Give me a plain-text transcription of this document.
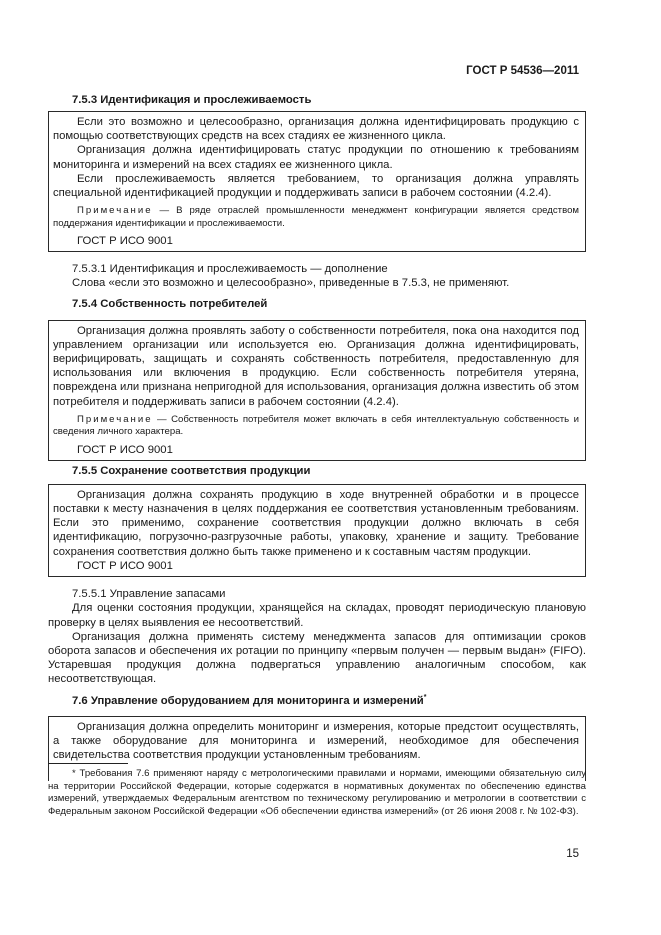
ГОСТ Р 54536—2011
7.5.3 Идентификация и прослеживаемость

Если это возможно и целесообразно, организация должна идентифицировать продукцию с помощью соответствующих средств на всех стадиях ее жизненного цикла.

Организация должна идентифицировать статус продукции по отношению к требованиям мониторинга и измерений на всех стадиях ее жизненного цикла.

Если прослеживаемость является требованием, то организация должна управлять специальной идентификацией продукции и поддерживать записи в рабочем состоянии (4.2.4).

Примечание — В ряде отраслей промышленности менеджмент конфигурации является средством поддержания идентификации и прослеживаемости.

ГОСТ Р ИСО 9001

7.5.3.1 Идентификация и прослеживаемость — дополнение

Слова «если это возможно и целесообразно», приведенные в 7.5.3, не применяют.

7.5.4 Собственность потребителей

Организация должна проявлять заботу о собственности потребителя, пока она находится под управлением организации или используется ею. Организация должна идентифицировать, верифицировать, защищать и сохранять собственность потребителя, предоставленную для использования или включения в продукцию. Если собственность потребителя утеряна, повреждена или признана непригодной для использования, организация должна известить об этом потребителя и поддерживать записи в рабочем состоянии (4.2.4).

Примечание — Собственность потребителя может включать в себя интеллектуальную собственность и сведения личного характера.

ГОСТ Р ИСО 9001

7.5.5 Сохранение соответствия продукции

Организация должна сохранять продукцию в ходе внутренней обработки и в процессе поставки к месту назначения в целях поддержания ее соответствия установленным требованиям. Если это применимо, сохранение соответствия продукции должно включать в себя идентификацию, погрузочно-разгрузочные работы, упаковку, хранение и защиту. Требование сохранения соответствия должно быть также применено и к составным частям продукции.

ГОСТ Р ИСО 9001

7.5.5.1 Управление запасами

Для оценки состояния продукции, хранящейся на складах, проводят периодическую плановую проверку в целях выявления ее несоответствий.

Организация должна применять систему менеджмента запасов для оптимизации сроков оборота запасов и обеспечения их ротации по принципу «первым получен — первым выдан» (FIFO). Устаревшая продукция должна подвергаться управлению аналогичным способом, как несоответствующая.

7.6 Управление оборудованием для мониторинга и измерений*

Организация должна определить мониторинг и измерения, которые предстоит осуществлять, а также оборудование для мониторинга и измерений, необходимое для обеспечения свидетельства соответствия продукции установленным требованиям.

* Требования 7.6 применяют наряду с метрологическими правилами и нормами, имеющими обязательную силу на территории Российской Федерации, которые содержатся в нормативных документах по обеспечению единства измерений, утверждаемых Федеральным агентством по техническому регулированию и метрологии в соответствии с Федеральным законом Российской Федерации «Об обеспечении единства измерений» (от 26 июня 2008 г. № 102-ФЗ).

15
